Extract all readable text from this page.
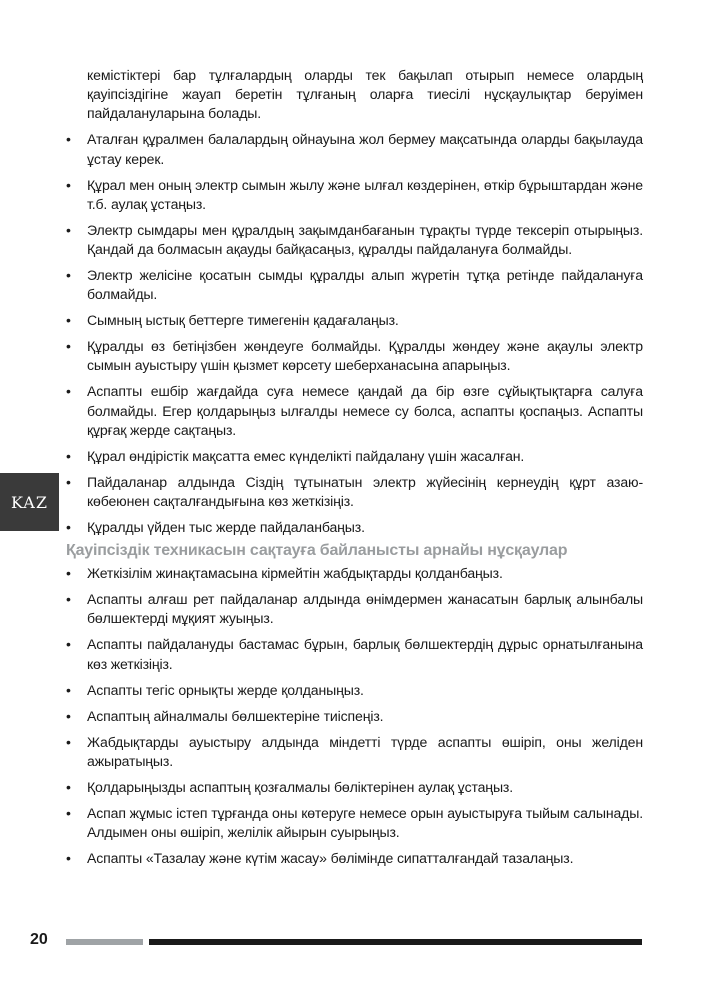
кемістіктері бар тұлғалардың оларды тек бақылап отырып немесе олардың қауіпсіздігіне жауап беретін тұлғаның оларға тиесілі нұсқаулықтар беруімен пайдалануларына болады.

• Аталған құралмен балалардың ойнауына жол бермеу мақсатында оларды бақылауда ұстау керек.
• Құрал мен оның электр сымын жылу және ылғал көздерінен, өткір бұрыштардан және т.б. аулақ ұстаңыз.
• Электр сымдары мен құралдың зақымданбағанын тұрақты түрде тексеріп отырыңыз. Қандай да болмасын ақауды байқасаңыз, құралды пайдалануға болмайды.
• Электр желісіне қосатын сымды құралды алып жүретін тұтқа ретінде пайдалануға болмайды.
• Сымның ыстық беттерге тимегенін қадағалаңыз.
• Құралды өз бетіңізбен жөндеуге болмайды. Құралды жөндеу және ақаулы электр сымын ауыстыру үшін қызмет көрсету шеберханасына апарыңыз.
• Аспапты ешбір жағдайда суға немесе қандай да бір өзге сұйықтықтарға салуға болмайды. Егер қолдарыңыз ылғалды немесе су болса, аспапты қоспаңыз. Аспапты құрғақ жерде сақтаңыз.
• Құрал өндірістік мақсатта емес күнделікті пайдалану үшін жасалған.
• Пайдаланар алдында Сіздің тұтынатын электр жүйесінің кернеудің құрт азаю-көбеюнен сақталғандығына көз жеткізіңіз.
• Құралды үйден тыс жерде пайдаланбаңыз.
Қауіпсіздік техникасын сақтауға байланысты арнайы нұсқаулар
• Жеткізілім жинақтамасына кірмейтін жабдықтарды қолданбаңыз.
• Аспапты алғаш рет пайдаланар алдында өнімдермен жанасатын барлық алынбалы бөлшектерді мұқият жуыңыз.
• Аспапты пайдалануды бастамас бұрын, барлық бөлшектердің дұрыс орнатылғанына көз жеткізіңіз.
• Аспапты тегіс орнықты жерде қолданыңыз.
• Аспаптың айналмалы бөлшектеріне тиіспеңіз.
• Жабдықтарды ауыстыру алдында міндетті түрде аспапты өшіріп, оны желіден ажыратыңыз.
• Қолдарыңызды аспаптың қозғалмалы бөліктерінен аулақ ұстаңыз.
• Аспап жұмыс істеп тұрғанда оны көтеруге немесе орын ауыстыруға тыйым салынады. Алдымен оны өшіріп, желілік айырын суырыңыз.
• Аспапты «Тазалау және күтім жасау» бөлімінде сипатталғандай тазалаңыз.
KAZ
20
